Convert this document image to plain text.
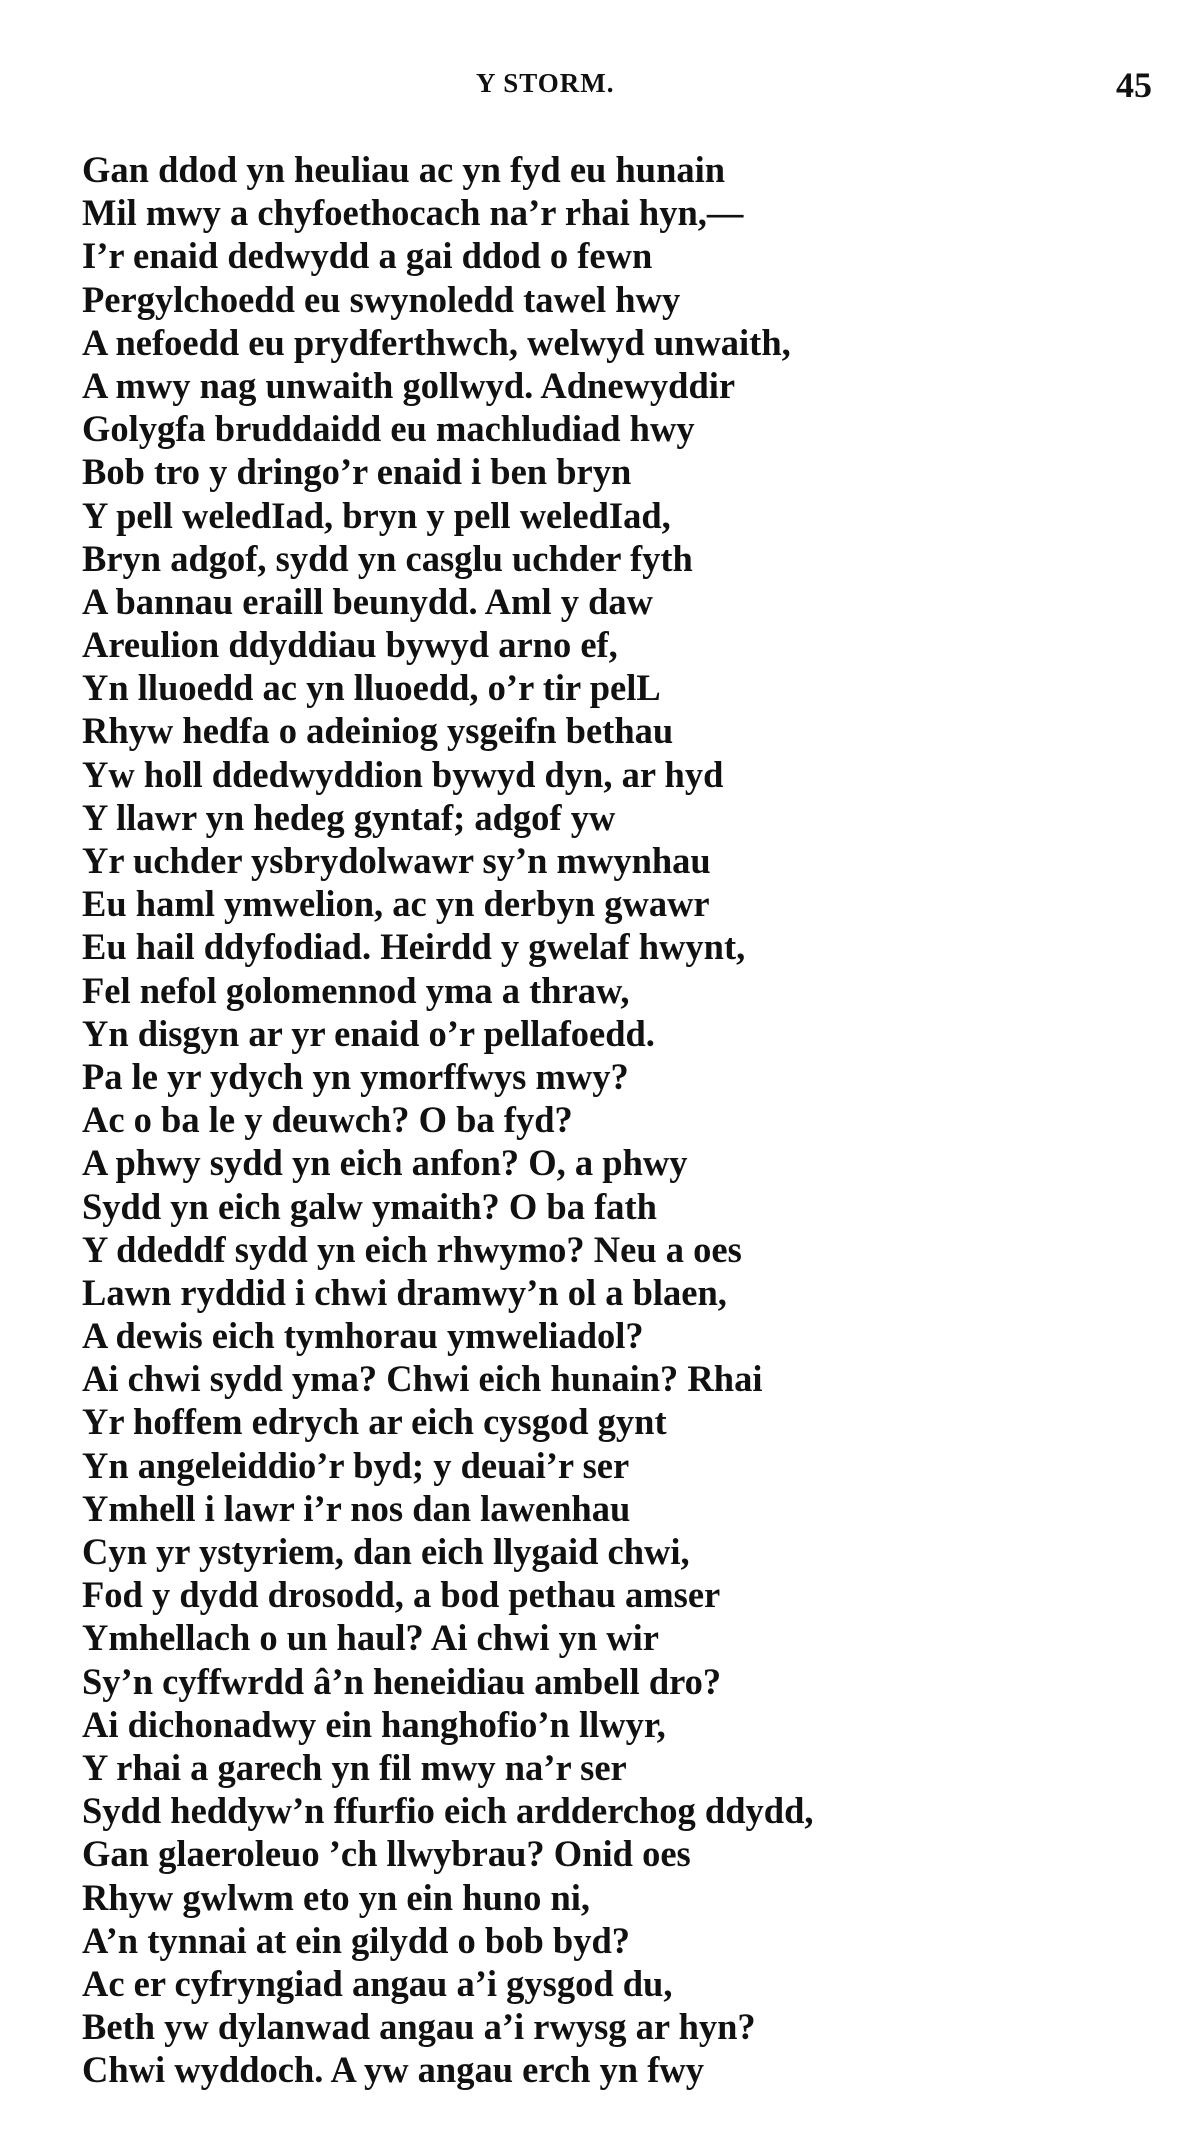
Y STORM.	45
Gan ddod yn heuliau ac yn fyd eu hunain
Mil mwy a chyfoethocach na’r rhai hyn,—
I’r enaid dedwydd a gai ddod o fewn
Pergylchoedd eu swynoledd tawel hwy
A nefoedd eu prydferthwch, welwyd unwaith,
A mwy nag unwaith gollwyd. Adnewyddir
Golygfa bruddaidd eu machludiad hwy
Bob tro y dringo’r enaid i ben bryn
Y pell weledIad, bryn y pell weledIad,
Bryn adgof, sydd yn casglu uchder fyth
A bannau eraill beunydd. Aml y daw
Areulion ddyddiau bywyd arno ef,
Yn lluoedd ac yn lluoedd, o’r tir pelL
Rhyw hedfa o adeiniog ysgeifn bethau
Yw holl ddedwyddion bywyd dyn, ar hyd
Y llawr yn hedeg gyntaf; adgof yw
Yr uchder ysbrydolwawr sy’n mwynhau
Eu haml ymwelion, ac yn derbyn gwawr
Eu hail ddyfodiad. Heirdd y gwelaf hwynt,
Fel nefol golomennod yma a thraw,
Yn disgyn ar yr enaid o’r pellafoedd.
Pa le yr ydych yn ymorffwys mwy?
Ac o ba le y deuwch? O ba fyd?
A phwy sydd yn eich anfon? O, a phwy
Sydd yn eich galw ymaith? O ba fath
Y ddeddf sydd yn eich rhwymo? Neu a oes
Lawn ryddid i chwi dramwy’n ol a blaen,
A dewis eich tymhorau ymweliadol?
Ai chwi sydd yma? Chwi eich hunain? Rhai
Yr hoffem edrych ar eich cysgod gynt
Yn angeleiddio’r byd; y deuai’r ser
Ymhell i lawr i’r nos dan lawenhau
Cyn yr ystyriem, dan eich llygaid chwi,
Fod y dydd drosodd, a bod pethau amser
Ymhellach o un haul? Ai chwi yn wir
Sy’n cyffwrdd â’n heneidiau ambell dro?
Ai dichonadwy ein hanghofio’n llwyr,
Y rhai a garech yn fil mwy na’r ser
Sydd heddyw’n ffurfio eich ardderchog ddydd,
Gan glaeroleuo ’ch llwybrau? Onid oes
Rhyw gwlwm eto yn ein huno ni,
A’n tynnai at ein gilydd o bob byd?
Ac er cyfryngiad angau a’i gysgod du,
Beth yw dylanwad angau a’i rwysg ar hyn?
Chwi wyddoch. A yw angau erch yn fwy
